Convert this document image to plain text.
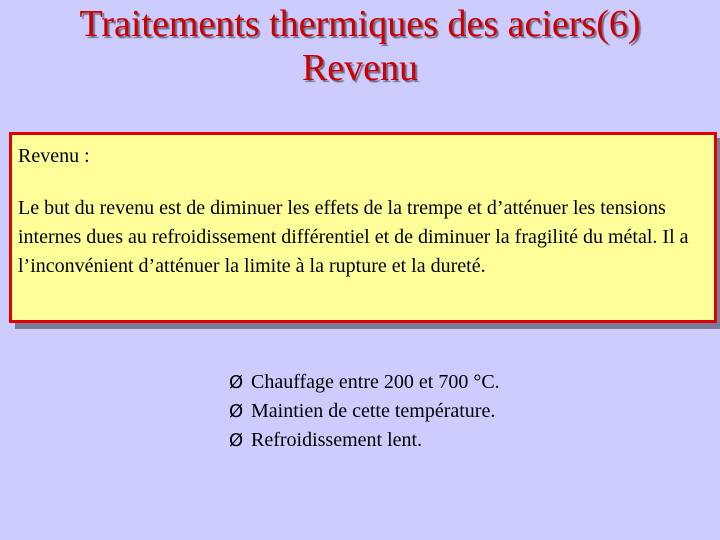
Traitements thermiques des aciers(6)
Revenu
Revenu :
Le but du revenu est de diminuer les effets de la trempe et d’atténuer les tensions internes dues au refroidissement différentiel et de diminuer la fragilité du métal. Il a l’inconvénient d’atténuer la limite à la rupture et la dureté.
Ø Chauffage entre 200 et 700 °C.
Ø Maintien de cette température.
Ø Refroidissement lent.
